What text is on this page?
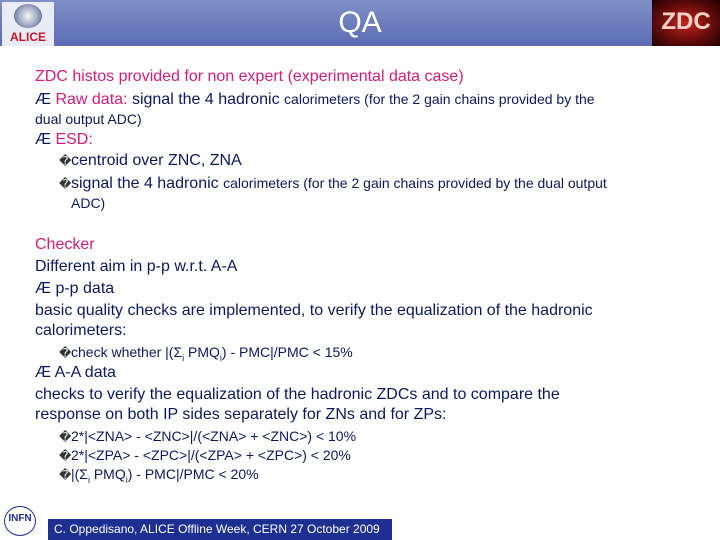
ALICE	QA	ZDC
ZDC histos provided for non expert (experimental data case)
Æ Raw data: signal the 4 hadronic calorimeters (for the 2 gain chains provided by the
dual output ADC)
Æ ESD:
�centroid over ZNC, ZNA
�signal the 4 hadronic calorimeters (for the 2 gain chains provided by the dual output
ADC)
Checker
Different aim in p-p w.r.t. A-A
Æ p-p data
basic quality checks are implemented, to verify the equalization of the hadronic
calorimeters:
�check whether $|(\Sigma_i$ $PMQ_i) - PMC|/PMC < 15\%$
Æ A-A data
checks to verify the equalization of the hadronic ZDCs and to compare the
response on both IP sides separately for ZNs and for ZPs:
�2*|<ZNA> - <ZNC>|/(<ZNA> + <ZNC>) < 10%
�2*|<ZPA> - <ZPC>|/(<ZPA> + <ZPC>) < 20%
$�|(\Sigma_i$ $PMQ_i) - PMC|/PMC < 20\%$
INFN
C. Oppedisano, ALICE Offline Week, CERN 27 October 2009
